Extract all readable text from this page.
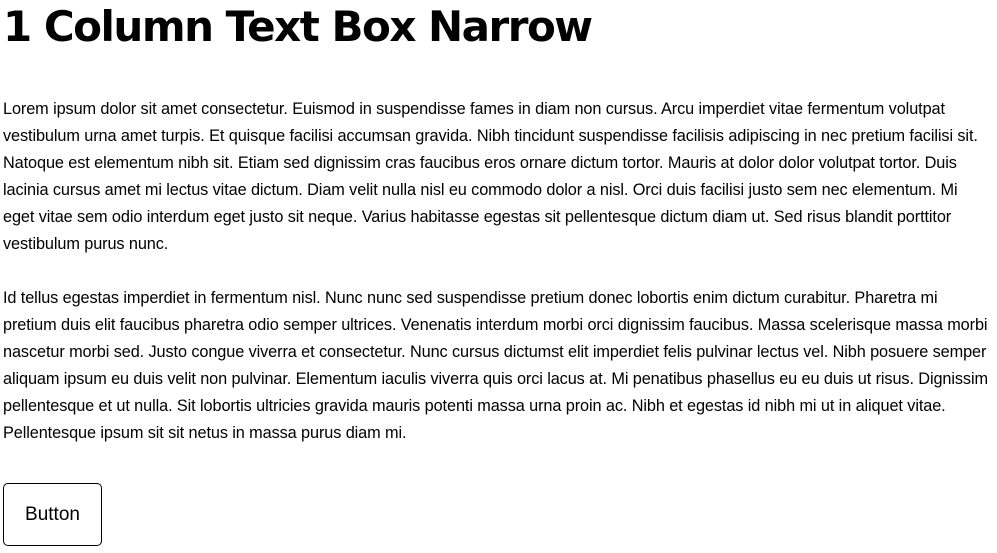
1 Column Text Box Narrow

Lorem ipsum dolor sit amet consectetur. Euismod in suspendisse fames in diam non cursus. Arcu imperdiet vitae fermentum volutpat vestibulum urna amet turpis. Et quisque facilisi accumsan gravida. Nibh tincidunt suspendisse facilisis adipiscing in nec pretium facilisi sit. Natoque est elementum nibh sit. Etiam sed dignissim cras faucibus eros ornare dictum tortor. Mauris at dolor dolor volutpat tortor. Duis lacinia cursus amet mi lectus vitae dictum. Diam velit nulla nisl eu commodo dolor a nisl. Orci duis facilisi justo sem nec elementum. Mi eget vitae sem odio interdum eget justo sit neque. Varius habitasse egestas sit pellentesque dictum diam ut. Sed risus blandit porttitor vestibulum purus nunc.

Id tellus egestas imperdiet in fermentum nisl. Nunc nunc sed suspendisse pretium donec lobortis enim dictum curabitur. Pharetra mi pretium duis elit faucibus pharetra odio semper ultrices. Venenatis interdum morbi orci dignissim faucibus. Massa scelerisque massa morbi nascetur morbi sed. Justo congue viverra et consectetur. Nunc cursus dictumst elit imperdiet felis pulvinar lectus vel. Nibh posuere semper aliquam ipsum eu duis velit non pulvinar. Elementum iaculis viverra quis orci lacus at. Mi penatibus phasellus eu eu duis ut risus. Dignissim pellentesque et ut nulla. Sit lobortis ultricies gravida mauris potenti massa urna proin ac. Nibh et egestas id nibh mi ut in aliquet vitae. Pellentesque ipsum sit sit netus in massa purus diam mi.

Button
